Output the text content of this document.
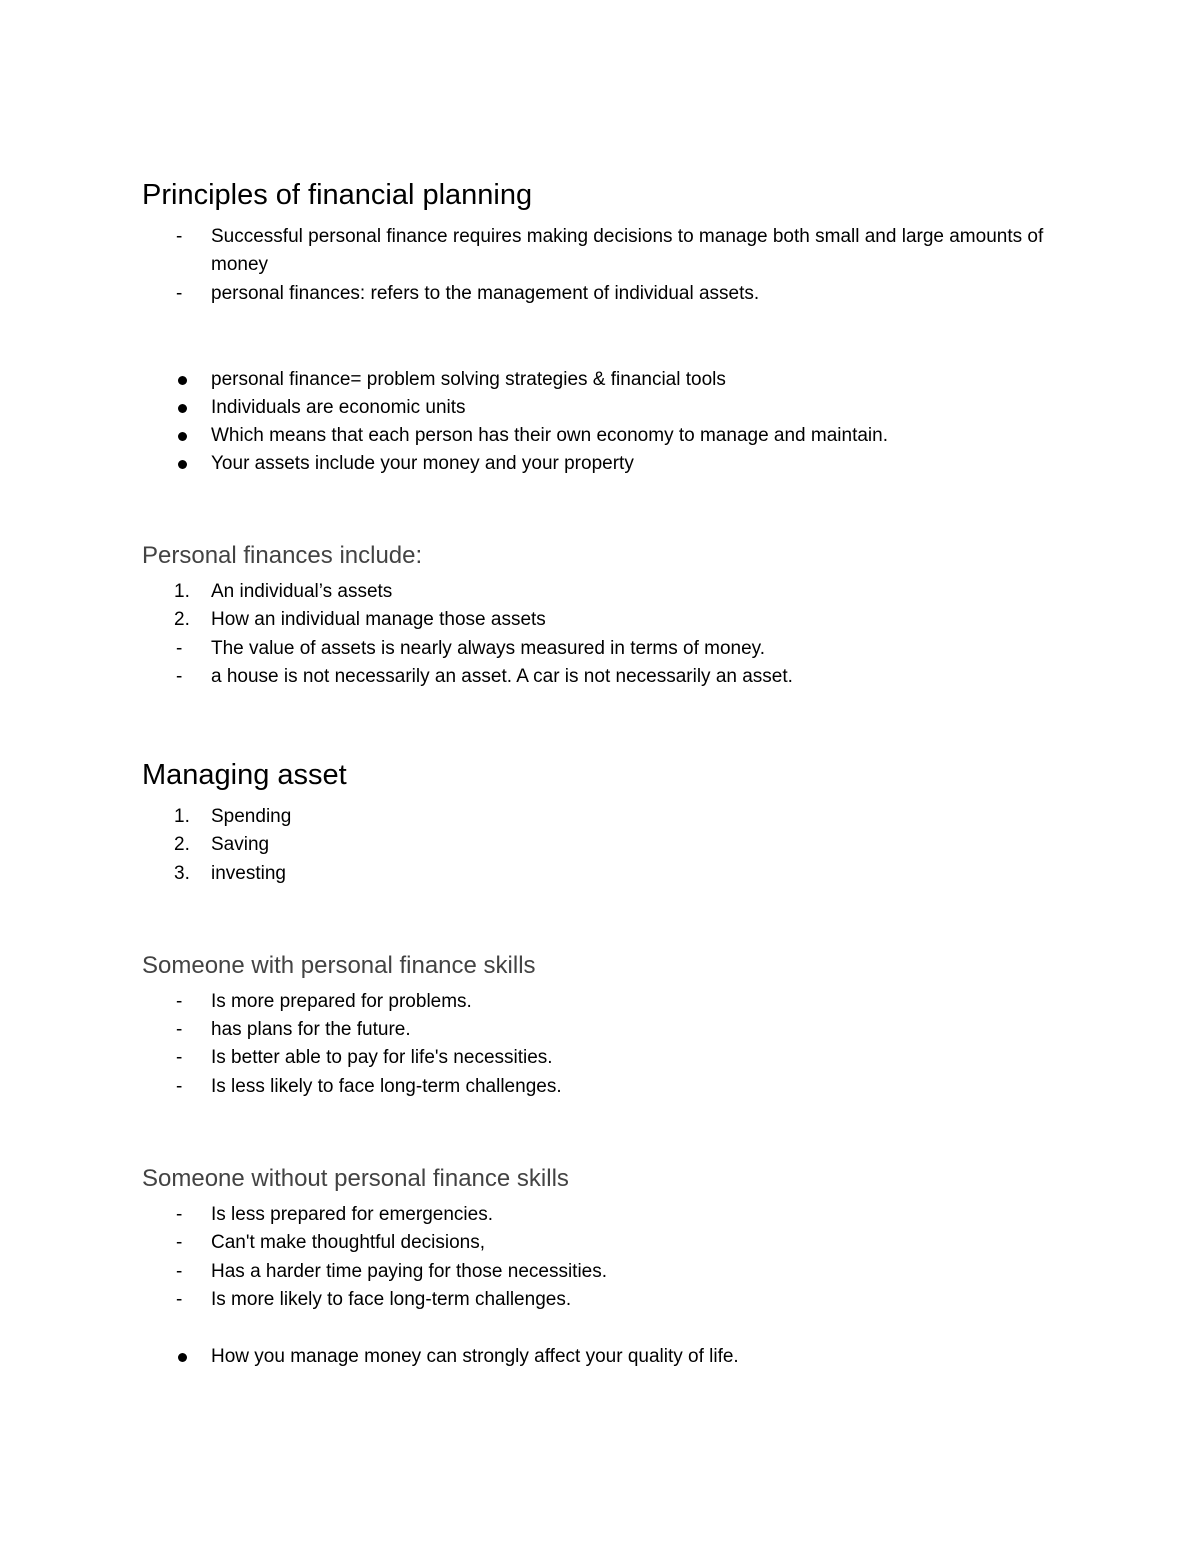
Principles of financial planning
-	Successful personal finance requires making decisions to manage both small and large amounts of money
-	personal finances: refers to the management of individual assets.
personal finance= problem solving strategies & financial tools
Individuals are economic units
Which means that each person has their own economy to manage and maintain.
Your assets include your money and your property
Personal finances include:
1.	An individual’s assets
2.	How an individual manage those assets
-	The value of assets is nearly always measured in terms of money.
-	a house is not necessarily an asset. A car is not necessarily an asset.
Managing asset
1.	Spending
2.	Saving
3.	investing
Someone with personal finance skills
-	Is more prepared for problems.
-	has plans for the future.
-	Is better able to pay for life's necessities.
-	Is less likely to face long-term challenges.
Someone without personal finance skills
-	Is less prepared for emergencies.
-	Can't make thoughtful decisions,
-	Has a harder time paying for those necessities.
-	Is more likely to face long-term challenges.
How you manage money can strongly affect your quality of life.
